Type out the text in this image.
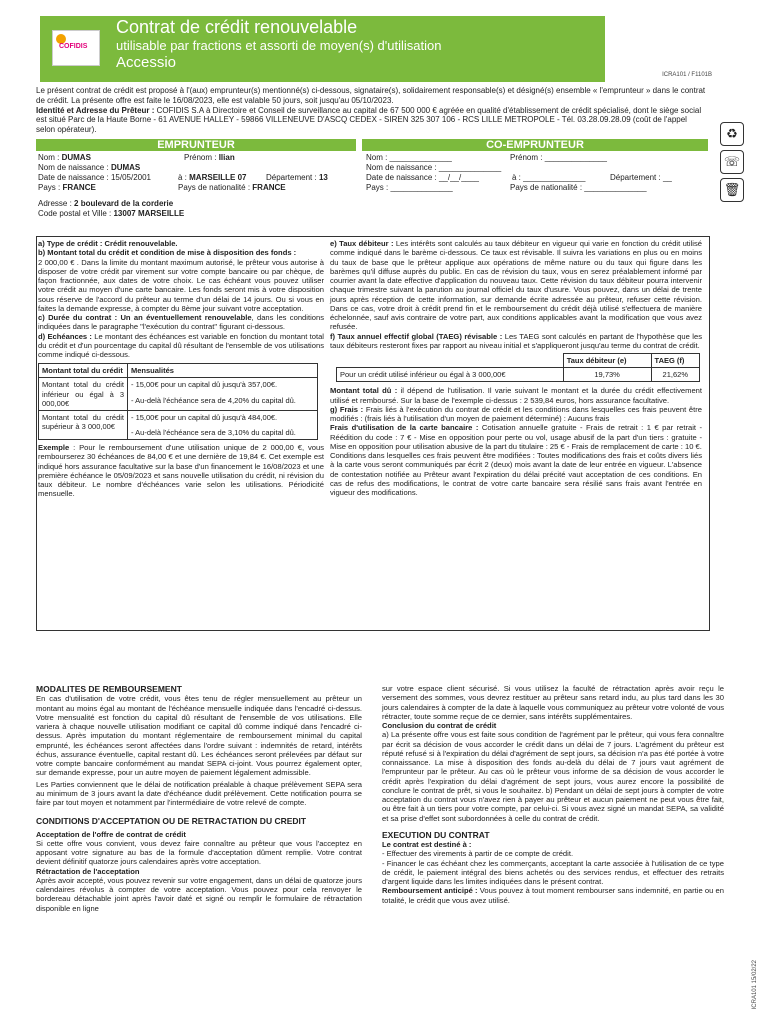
COFIDIS
Contrat de crédit renouvelable
utilisable par fractions et assorti de moyen(s) d'utilisation
Accessio
ICRA101 / F1101B
Le présent contrat de crédit est proposé à l'(aux) emprunteur(s) mentionné(s) ci-dessous, signataire(s), solidairement responsable(s) et désigné(s) ensemble « l'emprunteur » dans le contrat de crédit. La présente offre est faite le 16/08/2023, elle est valable 50 jours, soit jusqu'au 05/10/2023.
Identité et Adresse du Prêteur : COFIDIS S.A à Directoire et Conseil de surveillance au capital de 67 500 000 € agréée en qualité d'établissement de crédit spécialisé, dont le siège social est situé Parc de la Haute Borne - 61 AVENUE HALLEY - 59866 VILLENEUVE D'ASCQ CEDEX - SIREN 325 307 106 - RCS LILLE METROPOLE - Tél. 03.28.09.28.09 (coût de l'appel selon opérateur).	♻
☏
🗑
EMPRUNTEUR	CO-EMPRUNTEUR
Nom : DUMAS	Prénom : Ilian
Nom de naissance : DUMAS
Date de naissance : 15/05/2001	à : MARSEILLE 07 Département : 13
Pays : FRANCE	Pays de nationalité : FRANCE
Adresse : 2 boulevard de la corderie
Code postal et Ville : 13007 MARSEILLE
Nom : ______________	Prénom : ______________
Nom de naissance : ______________
Date de naissance : __/__/____	à : ______________	Département : __
Pays : ______________	Pays de nationalité : ______________
a) Type de crédit : Crédit renouvelable.
b) Montant total du crédit et condition de mise à disposition des fonds :
2 000,00 € . Dans la limite du montant maximum autorisé, le prêteur vous autorise à disposer de votre crédit par virement sur votre compte bancaire ou par chèque, de façon fractionnée, aux dates de votre choix. Le cas échéant vous pouvez utiliser votre crédit au moyen d'une carte bancaire. Les fonds seront mis à votre disposition sous réserve de l'accord du prêteur au terme d'un délai de 14 jours. Ou si vous en faites la demande expresse, à compter du 8ème jour suivant votre acceptation.
c) Durée du contrat : Un an éventuellement renouvelable, dans les conditions indiquées dans le paragraphe "l'exécution du contrat" figurant ci-dessous.
d) Echéances : Le montant des échéances est variable en fonction du montant total du crédit et d'un pourcentage du capital dû résultant de l'ensemble de vos utilisations comme indiqué ci-dessous.
Montant total du crédit	Mensualités
Montant total du crédit inférieur ou égal à 3 000,00€	- 15,00€ pour un capital dû jusqu'à 357,00€.
- Au-delà l'échéance sera de 4,20% du capital dû.

Montant total du crédit supérieur à 3 000,00€	- 15,00€ pour un capital dû jusqu'à 484,00€.
- Au-delà l'échéance sera de 3,10% du capital dû.
Exemple : Pour le remboursement d'une utilisation unique de 2 000,00 €, vous rembourserez 30 échéances de 84,00 € et une dernière de 19,84 €. Cet exemple est indiqué hors assurance facultative sur la base d'un financement le 16/08/2023 et une première échéance le 05/09/2023 et sans nouvelle utilisation du crédit, ni révision du taux débiteur. Le nombre d'échéances varie selon les utilisations. Périodicité mensuelle.
e) Taux débiteur : Les intérêts sont calculés au taux débiteur en vigueur qui varie en fonction du crédit utilisé comme indiqué dans le barème ci-dessous. Ce taux est révisable. Il suivra les variations en plus ou en moins du taux de base que le prêteur applique aux opérations de même nature ou du taux qui figure dans les barèmes qu'il diffuse auprès du public. En cas de révision du taux, vous en serez préalablement informé par courrier avant la date effective d'application du nouveau taux. Cette révision du taux débiteur pourra intervenir chaque trimestre suivant la parution au journal officiel du taux d'usure. Vous pouvez, dans un délai de trente jours après réception de cette information, sur demande écrite adressée au prêteur, refuser cette révision. Dans ce cas, votre droit à crédit prend fin et le remboursement du crédit déjà utilisé s'effectuera de manière échelonnée, sauf avis contraire de votre part, aux conditions applicables avant la modification que vous avez refusée.
f) Taux annuel effectif global (TAEG) révisable : Les TAEG sont calculés en partant de l'hypothèse que les taux débiteurs resteront fixes par rapport au niveau initial et s'appliqueront jusqu'au terme du contrat de crédit.
	Taux débiteur (e)	TAEG (f)
Pour un crédit utilisé inférieur ou égal à 3 000,00€	19,73%	21,62%
Montant total dû : il dépend de l'utilisation. Il varie suivant le montant et la durée du crédit effectivement utilisé et remboursé. Sur la base de l'exemple ci-dessus : 2 539,84 euros, hors assurance facultative.
g) Frais : Frais liés à l'exécution du contrat de crédit et les conditions dans lesquelles ces frais peuvent être modifiés : (frais liés à l'utilisation d'un moyen de paiement déterminé) : Aucuns frais
Frais d'utilisation de la carte bancaire : Cotisation annuelle gratuite - Frais de retrait : 1 € par retrait - Réédition du code : 7 € - Mise en opposition pour perte ou vol, usage abusif de la part d'un tiers : gratuite - Mise en opposition pour utilisation abusive de la part du titulaire : 25 € - Frais de remplacement de carte : 10 €.
Conditions dans lesquelles ces frais peuvent être modifiées : Toutes modifications des frais et coûts divers liés à la carte vous seront communiqués par écrit 2 (deux) mois avant la date de leur entrée en vigueur. L'absence de contestation notifiée au Prêteur avant l'expiration du délai précité vaut acceptation de ces conditions. En cas de refus des modifications, le contrat de votre carte bancaire sera résilié sans frais avant l'entrée en vigueur des modifications.
MODALITES DE REMBOURSEMENT
En cas d'utilisation de votre crédit, vous êtes tenu de régler mensuellement au prêteur un montant au moins égal au montant de l'échéance mensuelle indiquée dans l'encadré ci-dessus. Votre mensualité est fonction du capital dû résultant de l'ensemble de vos utilisations. Elle variera à chaque nouvelle utilisation modifiant ce capital dû comme indiqué dans l'encadré ci-dessus. Après imputation du montant réglementaire de remboursement minimal du capital emprunté, les échéances seront affectées dans l'ordre suivant : indemnités de retard, intérêts échus, assurance éventuelle, capital restant dû. Les échéances seront prélevées par défaut sur votre compte bancaire conformément au mandat SEPA ci-joint. Vous pourrez également opter, sur demande expresse, pour un autre moyen de paiement légalement admissible.
Les Parties conviennent que le délai de notification préalable à chaque prélèvement SEPA sera au minimum de 3 jours avant la date d'échéance dudit prélèvement. Cette notification pourra se faire par tout moyen et notamment par l'intermédiaire de votre relevé de compte.
CONDITIONS D'ACCEPTATION OU DE RETRACTATION DU CREDIT
Acceptation de l'offre de contrat de crédit
Si cette offre vous convient, vous devez faire connaître au prêteur que vous l'acceptez en apposant votre signature au bas de la formule d'acceptation dûment remplie. Votre contrat devient définitif quatorze jours calendaires après votre acceptation.
Rétractation de l'acceptation
Après avoir accepté, vous pouvez revenir sur votre engagement, dans un délai de quatorze jours calendaires révolus à compter de votre acceptation. Vous pouvez pour cela renvoyer le bordereau détachable joint après l'avoir daté et signé ou remplir le formulaire de rétractation disponible en ligne
sur votre espace client sécurisé. Si vous utilisez la faculté de rétractation après avoir reçu le versement des sommes, vous devrez restituer au prêteur sans retard indu, au plus tard dans les 30 jours calendaires à compter de la date à laquelle vous communiquez au prêteur votre volonté de vous rétracter, toute somme reçue de ce dernier, sans intérêts supplémentaires.
Conclusion du contrat de crédit
a) La présente offre vous est faite sous condition de l'agrément par le prêteur, qui vous fera connaître par écrit sa décision de vous accorder le crédit dans un délai de 7 jours. L'agrément du prêteur est réputé refusé si à l'expiration du délai d'agrément de sept jours, sa décision n'a pas été portée à votre connaissance. La mise à disposition des fonds au-delà du délai de 7 jours vaut agrément de l'emprunteur par le prêteur. Au cas où le prêteur vous informe de sa décision de vous accorder le crédit après l'expiration du délai d'agrément de sept jours, vous aurez encore la possibilité de conclure le contrat de prêt, si vous le souhaitez. b) Pendant un délai de sept jours à compter de votre acceptation du contrat vous n'avez rien à payer au prêteur et aucun paiement ne peut vous être fait, ou être fait à un tiers pour votre compte, par celui-ci. Si vous avez signé un mandat SEPA, sa validité et sa prise d'effet sont subordonnées à celle du contrat de crédit.
EXECUTION DU CONTRAT
Le contrat est destiné à :
- Effectuer des virements à partir de ce compte de crédit.
- Financer le cas échéant chez les commerçants, acceptant la carte associée à l'utilisation de ce type de crédit, le paiement intégral des biens achetés ou des services rendus, et effectuer des retraits d'argent liquide dans les limites indiquées dans le présent contrat.
Remboursement anticipé : Vous pouvez à tout moment rembourser sans indemnité, en partie ou en totalité, le crédit que vous avez utilisé.
ICRA101 15/02/22
